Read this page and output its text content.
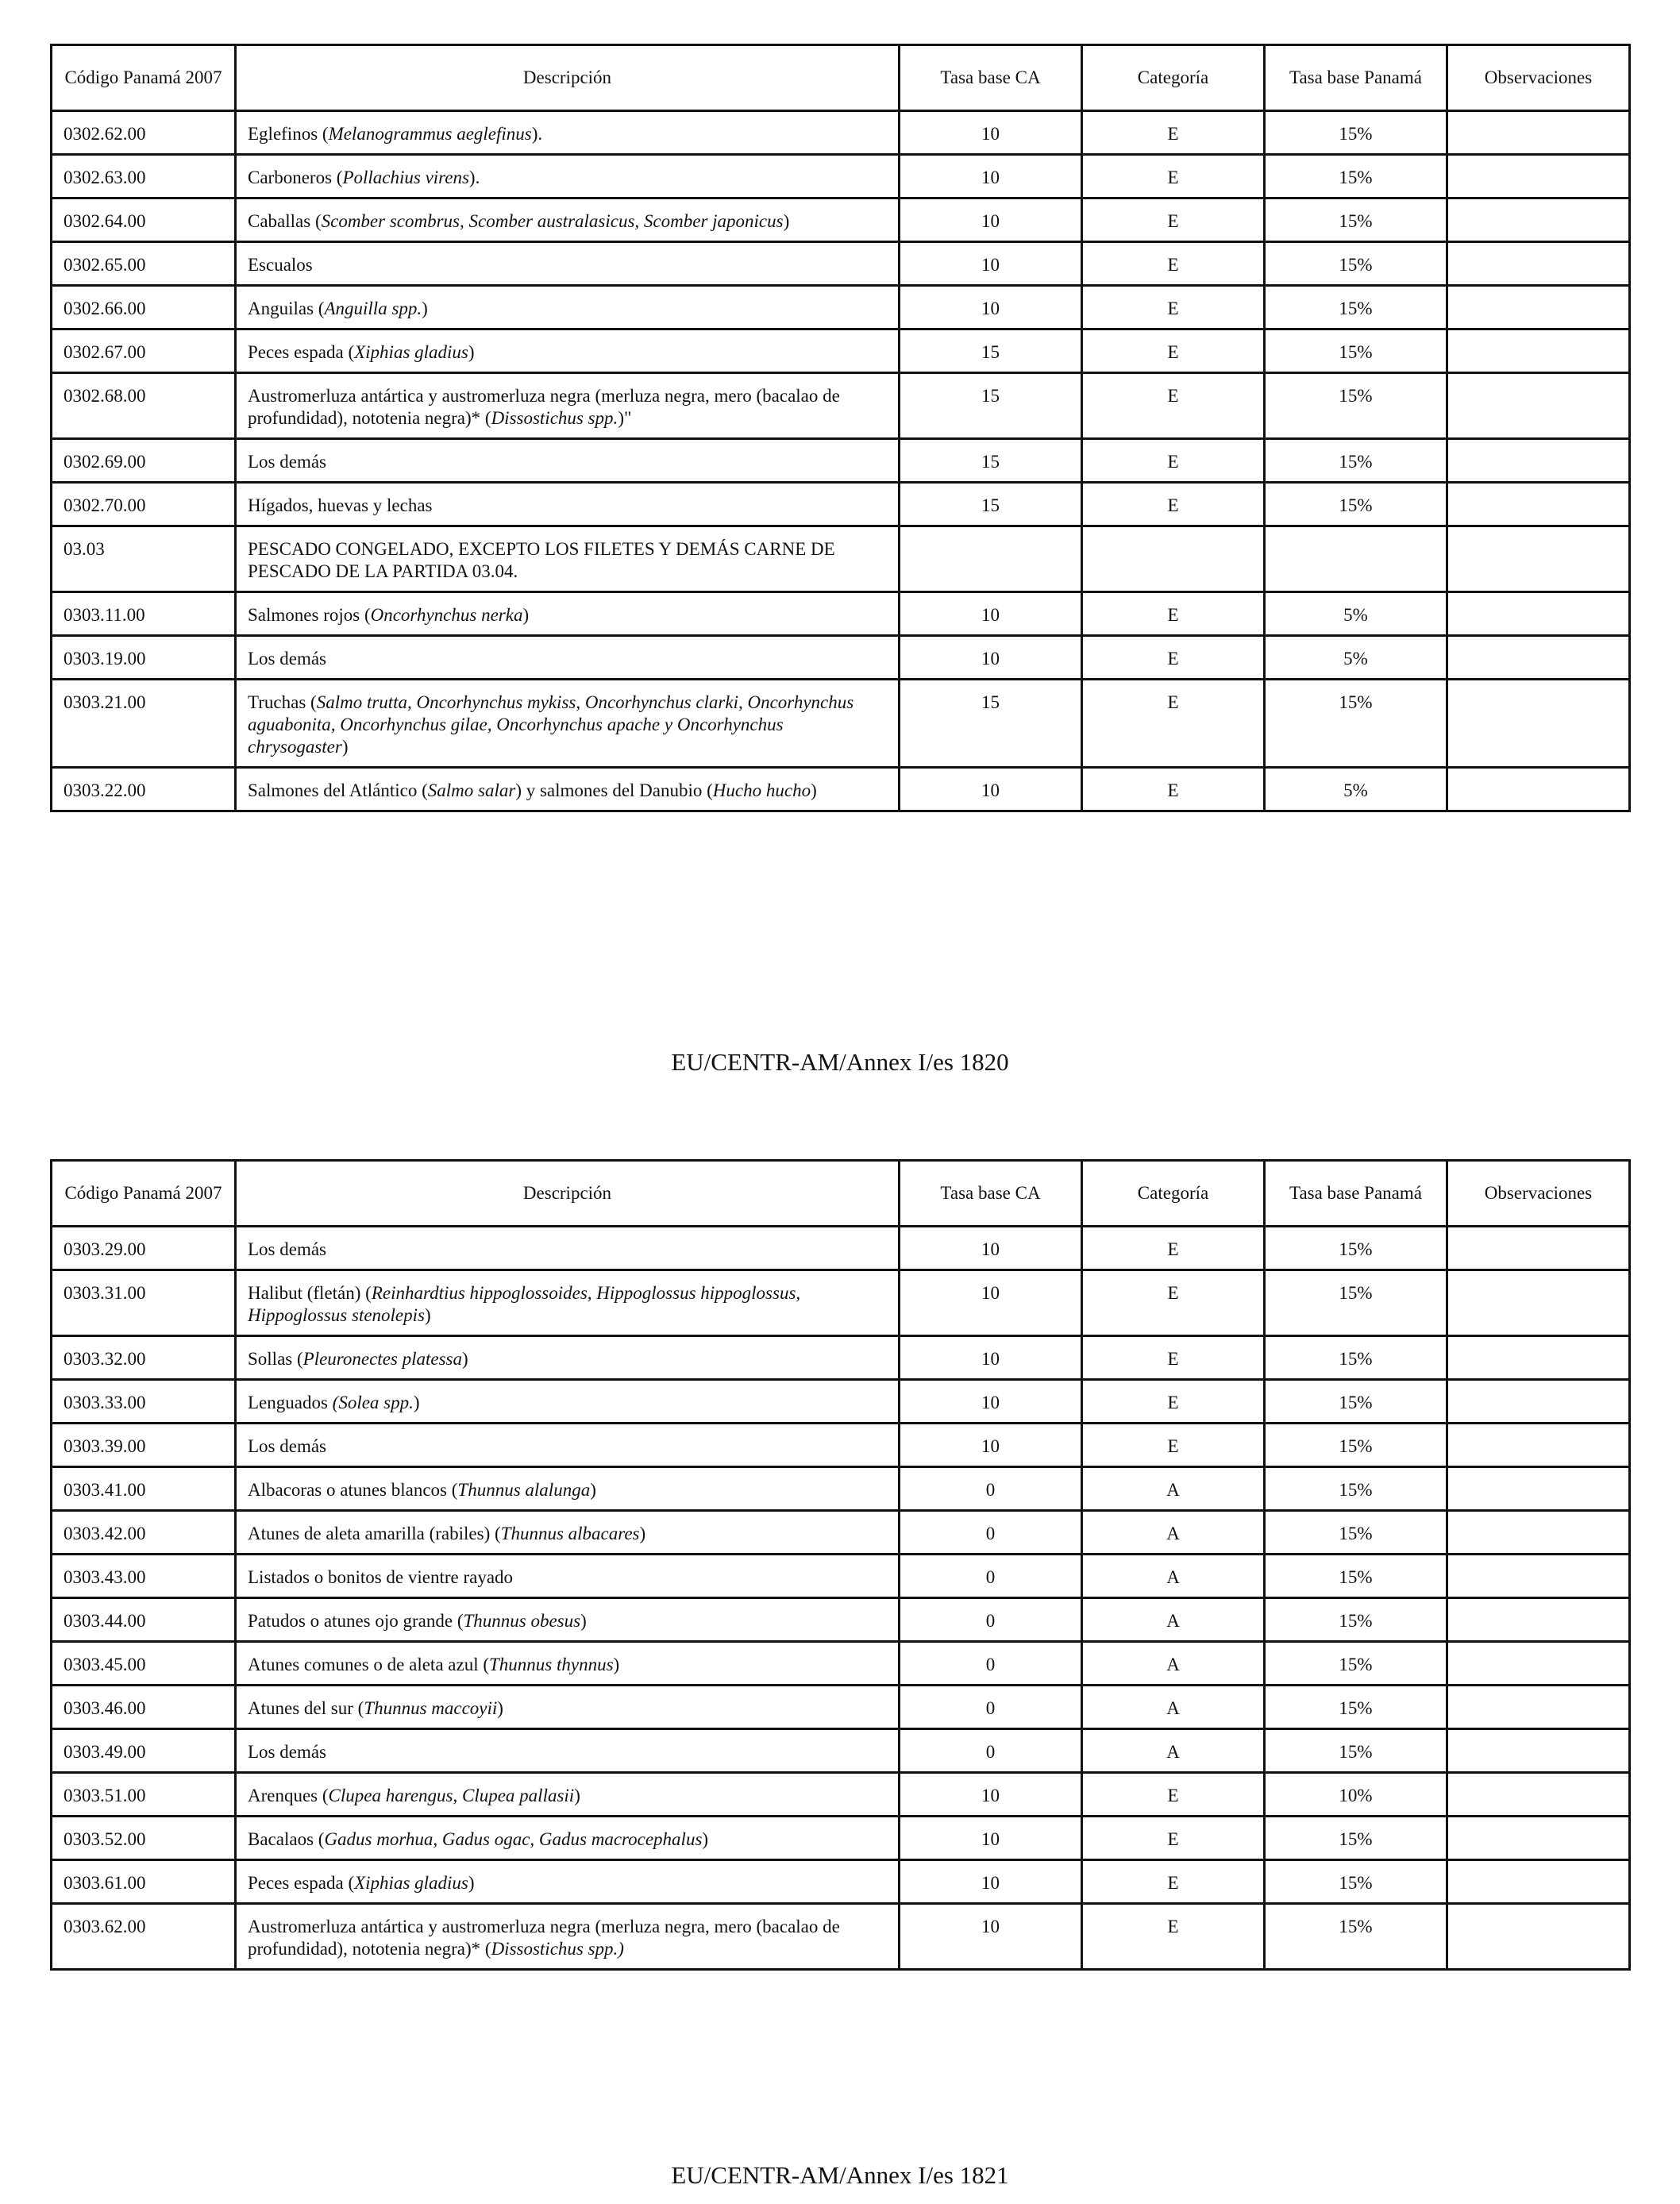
Código Panamá 2007	Descripción	Tasa base CA	Categoría	Tasa base Panamá	Observaciones
0302.62.00	Eglefinos (Melanogrammus aeglefinus).	10	E	15%	
0302.63.00	Carboneros (Pollachius virens).	10	E	15%	
0302.64.00	Caballas (Scomber scombrus, Scomber australasicus, Scomber japonicus)	10	E	15%	
0302.65.00	Escualos	10	E	15%	
0302.66.00	Anguilas (Anguilla spp.)	10	E	15%	
0302.67.00	Peces espada (Xiphias gladius)	15	E	15%	
0302.68.00	Austromerluza antártica y austromerluza negra (merluza negra, mero (bacalao de profundidad), nototenia negra)* (Dissostichus spp.)"	15	E	15%	
0302.69.00	Los demás	15	E	15%	
0302.70.00	Hígados, huevas y lechas	15	E	15%	
03.03	PESCADO CONGELADO, EXCEPTO LOS FILETES Y DEMÁS CARNE DE PESCADO DE LA PARTIDA 03.04.				
0303.11.00	Salmones rojos (Oncorhynchus nerka)	10	E	5%	
0303.19.00	Los demás	10	E	5%	
0303.21.00	Truchas (Salmo trutta, Oncorhynchus mykiss, Oncorhynchus clarki, Oncorhynchus aguabonita, Oncorhynchus gilae, Oncorhynchus apache y Oncorhynchus chrysogaster)	15	E	15%	
0303.22.00	Salmones del Atlántico (Salmo salar) y salmones del Danubio (Hucho hucho)	10	E	5%	
EU/CENTR-AM/Annex I/es 1820
Código Panamá 2007	Descripción	Tasa base CA	Categoría	Tasa base Panamá	Observaciones
0303.29.00	Los demás	10	E	15%	
0303.31.00	Halibut (fletán) (Reinhardtius hippoglossoides, Hippoglossus hippoglossus, Hippoglossus stenolepis)	10	E	15%	
0303.32.00	Sollas (Pleuronectes platessa)	10	E	15%	
0303.33.00	Lenguados (Solea spp.)	10	E	15%	
0303.39.00	Los demás	10	E	15%	
0303.41.00	Albacoras o atunes blancos (Thunnus alalunga)	0	A	15%	
0303.42.00	Atunes de aleta amarilla (rabiles) (Thunnus albacares)	0	A	15%	
0303.43.00	Listados o bonitos de vientre rayado	0	A	15%	
0303.44.00	Patudos o atunes ojo grande (Thunnus obesus)	0	A	15%	
0303.45.00	Atunes comunes o de aleta azul (Thunnus thynnus)	0	A	15%	
0303.46.00	Atunes del sur (Thunnus maccoyii)	0	A	15%	
0303.49.00	Los demás	0	A	15%	
0303.51.00	Arenques (Clupea harengus, Clupea pallasii)	10	E	10%	
0303.52.00	Bacalaos (Gadus morhua, Gadus ogac, Gadus macrocephalus)	10	E	15%	
0303.61.00	Peces espada (Xiphias gladius)	10	E	15%	
0303.62.00	Austromerluza antártica y austromerluza negra (merluza negra, mero (bacalao de profundidad), nototenia negra)* (Dissostichus spp.)	10	E	15%	
EU/CENTR-AM/Annex I/es 1821
